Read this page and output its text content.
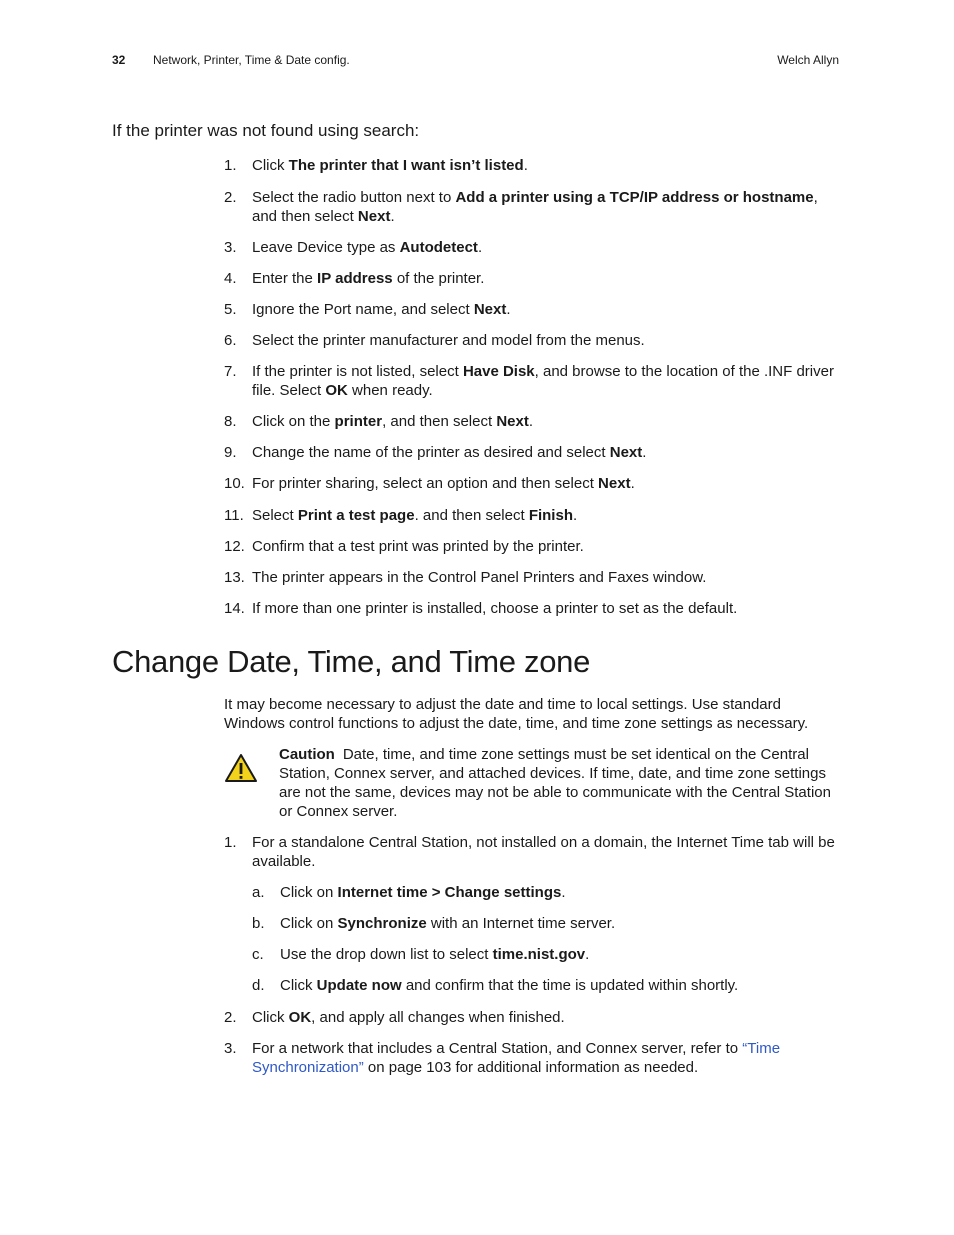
32 Network, Printer, Time & Date config.	Welch Allyn
If the printer was not found using search:
1. Click The printer that I want isn’t listed.
2. Select the radio button next to Add a printer using a TCP/IP address or hostname, and then select Next.
3. Leave Device type as Autodetect.
4. Enter the IP address of the printer.
5. Ignore the Port name, and select Next.
6. Select the printer manufacturer and model from the menus.
7. If the printer is not listed, select Have Disk, and browse to the location of the .INF driver file. Select OK when ready.
8. Click on the printer, and then select Next.
9. Change the name of the printer as desired and select Next.
10. For printer sharing, select an option and then select Next.
11. Select Print a test page. and then select Finish.
12. Confirm that a test print was printed by the printer.
13. The printer appears in the Control Panel Printers and Faxes window.
14. If more than one printer is installed, choose a printer to set as the default.
Change Date, Time, and Time zone

It may become necessary to adjust the date and time to local settings. Use standard Windows control functions to adjust the date, time, and time zone settings as necessary.

Caution Date, time, and time zone settings must be set identical on the Central Station, Connex server, and attached devices. If time, date, and time zone settings are not the same, devices may not be able to communicate with the Central Station or Connex server.
1. For a standalone Central Station, not installed on a domain, the Internet Time tab will be available.
a. Click on Internet time > Change settings.
b. Click on Synchronize with an Internet time server.
c. Use the drop down list to select time.nist.gov.
d. Click Update now and confirm that the time is updated within shortly.
2. Click OK, and apply all changes when finished.
3. For a network that includes a Central Station, and Connex server, refer to “Time Synchronization” on page 103 for additional information as needed.
